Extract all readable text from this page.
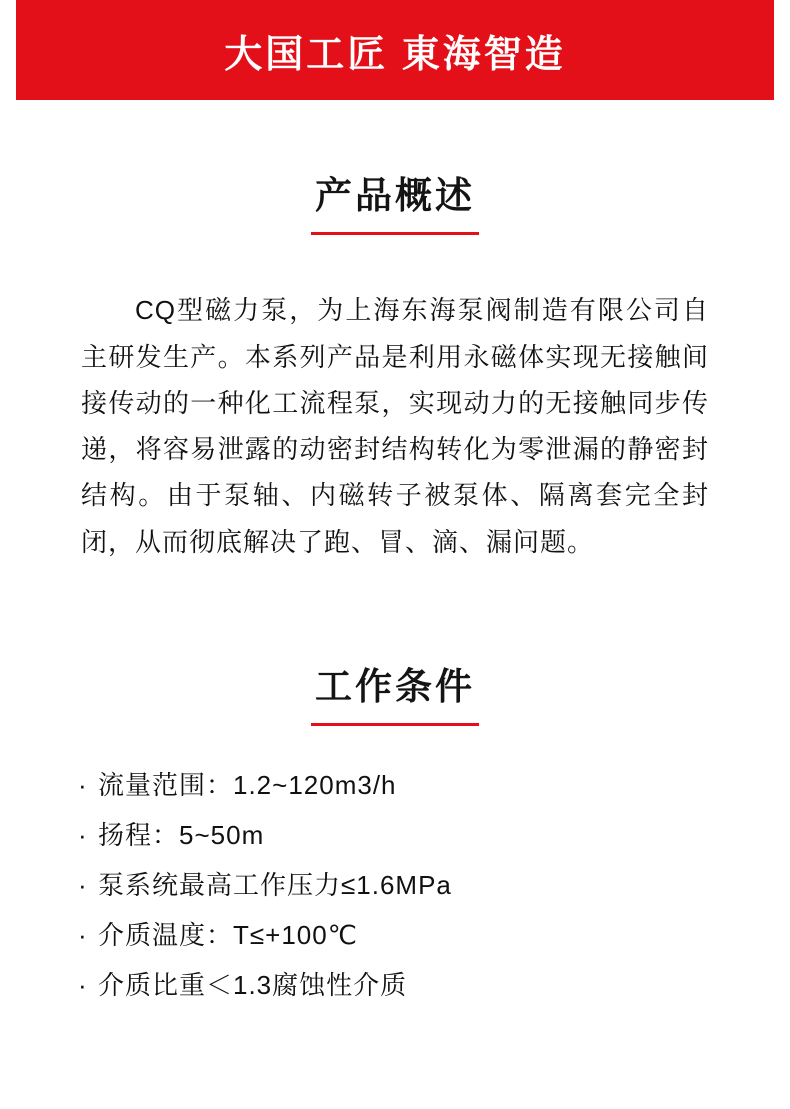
大国工匠 東海智造
产品概述
CQ型磁力泵，为上海东海泵阀制造有限公司自主研发生产。本系列产品是利用永磁体实现无接触间接传动的一种化工流程泵，实现动力的无接触同步传递，将容易泄露的动密封结构转化为零泄漏的静密封结构。由于泵轴、内磁转子被泵体、隔离套完全封闭，从而彻底解决了跑、冒、滴、漏问题。
工作条件
· 流量范围：1.2~120m3/h
· 扬程：5~50m
· 泵系统最高工作压力≤1.6MPa
· 介质温度：T≤+100℃
· 介质比重＜1.3腐蚀性介质
